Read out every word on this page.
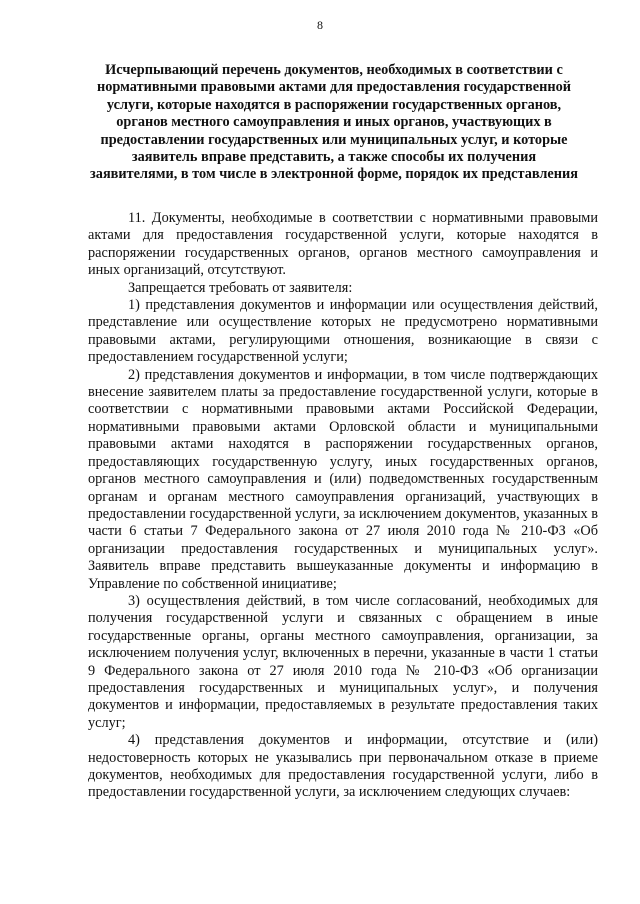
8
Исчерпывающий перечень документов, необходимых в соответствии с нормативными правовыми актами для предоставления государственной услуги, которые находятся в распоряжении государственных органов, органов местного самоуправления и иных органов, участвующих в предоставлении государственных или муниципальных услуг, и которые заявитель вправе представить, а также способы их получения заявителями, в том числе в электронной форме, порядок их представления

11. Документы, необходимые в соответствии с нормативными правовыми актами для предоставления государственной услуги, которые находятся в распоряжении государственных органов, органов местного самоуправления и иных организаций, отсутствуют.

Запрещается требовать от заявителя:

1) представления документов и информации или осуществления действий, представление или осуществление которых не предусмотрено нормативными правовыми актами, регулирующими отношения, возникающие в связи с предоставлением государственной услуги;

2) представления документов и информации, в том числе подтверждающих внесение заявителем платы за предоставление государственной услуги, которые в соответствии с нормативными правовыми актами Российской Федерации, нормативными правовыми актами Орловской области и муниципальными правовыми актами находятся в распоряжении государственных органов, предоставляющих государственную услугу, иных государственных органов, органов местного самоуправления и (или) подведомственных государственным органам и органам местного самоуправления организаций, участвующих в предоставлении государственной услуги, за исключением документов, указанных в части 6 статьи 7 Федерального закона от 27 июля 2010 года № 210-ФЗ «Об организации предоставления государственных и муниципальных услуг». Заявитель вправе представить вышеуказанные документы и информацию в Управление по собственной инициативе;

3) осуществления действий, в том числе согласований, необходимых для получения государственной услуги и связанных с обращением в иные государственные органы, органы местного самоуправления, организации, за исключением получения услуг, включенных в перечни, указанные в части 1 статьи 9 Федерального закона от 27 июля 2010 года № 210-ФЗ «Об организации предоставления государственных и муниципальных услуг», и получения документов и информации, предоставляемых в результате предоставления таких услуг;

4) представления документов и информации, отсутствие и (или) недостоверность которых не указывались при первоначальном отказе в приеме документов, необходимых для предоставления государственной услуги, либо в предоставлении государственной услуги, за исключением следующих случаев:
